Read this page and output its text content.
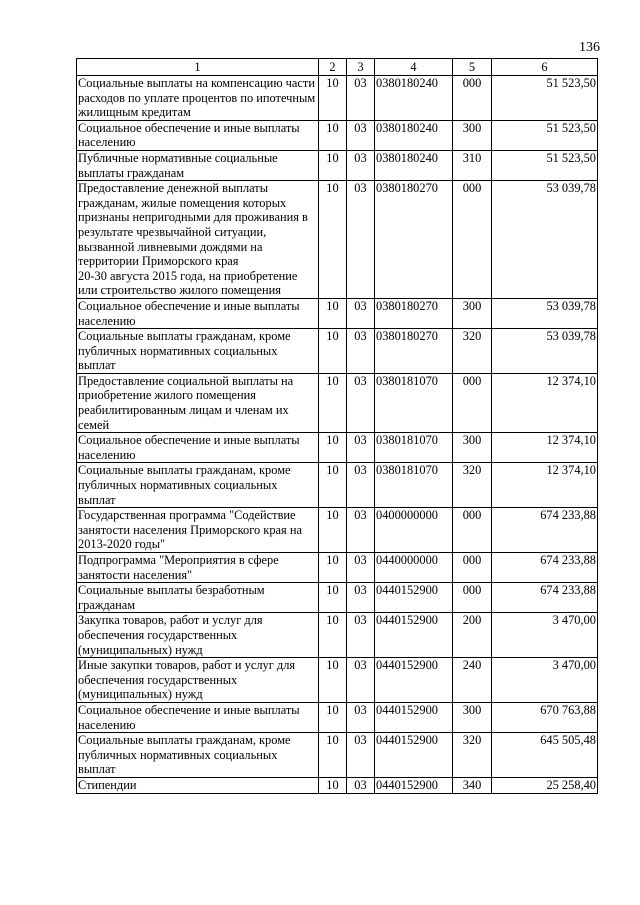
136
1	2	3	4	5	6
Социальные выплаты на компенсацию части расходов по уплате процентов по ипотечным жилищным кредитам	10	03	0380180240	000	51 523,50
Социальное обеспечение и иные выплаты населению	10	03	0380180240	300	51 523,50
Публичные нормативные социальные выплаты гражданам	10	03	0380180240	310	51 523,50
Предоставление денежной выплаты гражданам, жилые помещения которых признаны непригодными для проживания в результате чрезвычайной ситуации, вызванной ливневыми дождями на территории Приморского края
20-30 августа 2015 года, на приобретение или строительство жилого помещения	10	03	0380180270	000	53 039,78
Социальное обеспечение и иные выплаты населению	10	03	0380180270	300	53 039,78
Социальные выплаты гражданам, кроме публичных нормативных социальных выплат	10	03	0380180270	320	53 039,78
Предоставление социальной выплаты на приобретение жилого помещения реабилитированным лицам и членам их семей	10	03	0380181070	000	12 374,10
Социальное обеспечение и иные выплаты населению	10	03	0380181070	300	12 374,10
Социальные выплаты гражданам, кроме публичных нормативных социальных выплат	10	03	0380181070	320	12 374,10
Государственная программа "Содействие занятости населения Приморского края на 2013-2020 годы"	10	03	0400000000	000	674 233,88
Подпрограмма "Мероприятия в сфере занятости населения"	10	03	0440000000	000	674 233,88
Социальные выплаты безработным гражданам	10	03	0440152900	000	674 233,88
Закупка товаров, работ и услуг для обеспечения государственных (муниципальных) нужд	10	03	0440152900	200	3 470,00
Иные закупки товаров, работ и услуг для обеспечения государственных (муниципальных) нужд	10	03	0440152900	240	3 470,00
Социальное обеспечение и иные выплаты населению	10	03	0440152900	300	670 763,88
Социальные выплаты гражданам, кроме публичных нормативных социальных выплат	10	03	0440152900	320	645 505,48
Стипендии	10	03	0440152900	340	25 258,40
